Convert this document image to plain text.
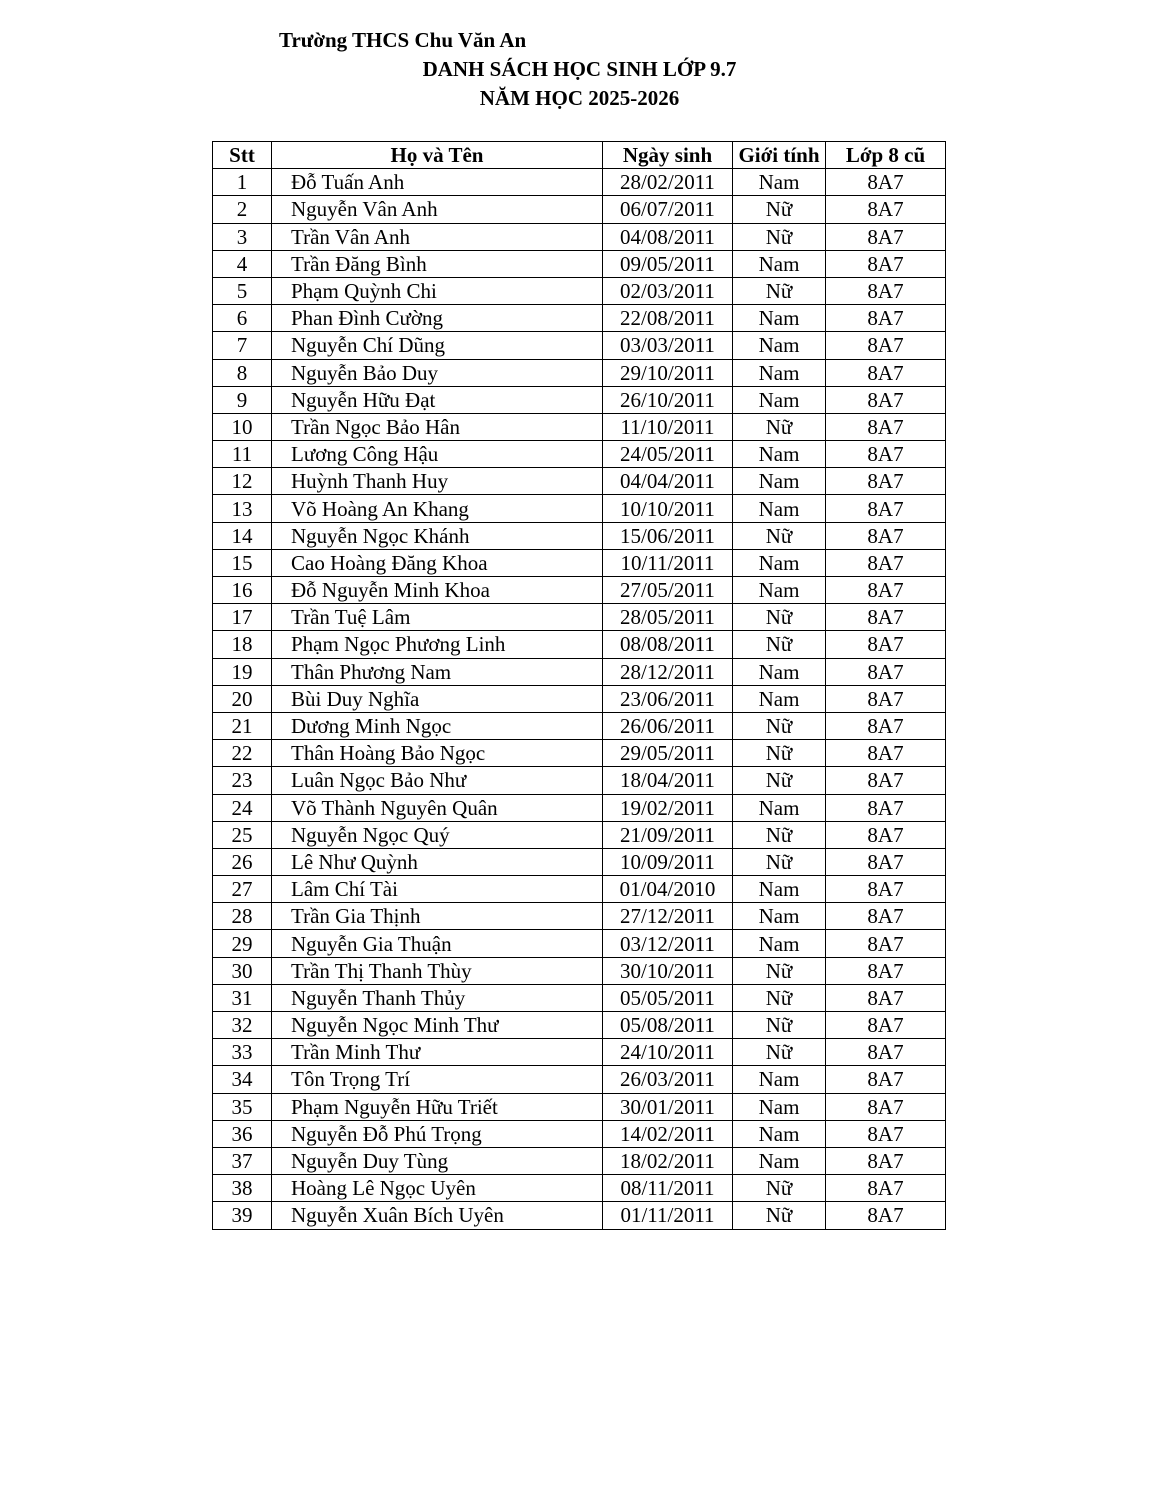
Trường THCS Chu Văn An
DANH SÁCH HỌC SINH LỚP 9.7
NĂM HỌC 2025-2026
Stt	Họ và Tên	Ngày sinh	Giới tính	Lớp 8 cũ
1	Đỗ Tuấn Anh	28/02/2011	Nam	8A7
2	Nguyễn Vân Anh	06/07/2011	Nữ	8A7
3	Trần Vân Anh	04/08/2011	Nữ	8A7
4	Trần Đăng Bình	09/05/2011	Nam	8A7
5	Phạm Quỳnh Chi	02/03/2011	Nữ	8A7
6	Phan Đình Cường	22/08/2011	Nam	8A7
7	Nguyễn Chí Dũng	03/03/2011	Nam	8A7
8	Nguyễn Bảo Duy	29/10/2011	Nam	8A7
9	Nguyễn Hữu Đạt	26/10/2011	Nam	8A7
10	Trần Ngọc Bảo Hân	11/10/2011	Nữ	8A7
11	Lương Công Hậu	24/05/2011	Nam	8A7
12	Huỳnh Thanh Huy	04/04/2011	Nam	8A7
13	Võ Hoàng An Khang	10/10/2011	Nam	8A7
14	Nguyễn Ngọc Khánh	15/06/2011	Nữ	8A7
15	Cao Hoàng Đăng Khoa	10/11/2011	Nam	8A7
16	Đỗ Nguyễn Minh Khoa	27/05/2011	Nam	8A7
17	Trần Tuệ Lâm	28/05/2011	Nữ	8A7
18	Phạm Ngọc Phương Linh	08/08/2011	Nữ	8A7
19	Thân Phương Nam	28/12/2011	Nam	8A7
20	Bùi Duy Nghĩa	23/06/2011	Nam	8A7
21	Dương Minh Ngọc	26/06/2011	Nữ	8A7
22	Thân Hoàng Bảo Ngọc	29/05/2011	Nữ	8A7
23	Luân Ngọc Bảo Như	18/04/2011	Nữ	8A7
24	Võ Thành Nguyên Quân	19/02/2011	Nam	8A7
25	Nguyễn Ngọc Quý	21/09/2011	Nữ	8A7
26	Lê Như Quỳnh	10/09/2011	Nữ	8A7
27	Lâm Chí Tài	01/04/2010	Nam	8A7
28	Trần Gia Thịnh	27/12/2011	Nam	8A7
29	Nguyễn Gia Thuận	03/12/2011	Nam	8A7
30	Trần Thị Thanh Thùy	30/10/2011	Nữ	8A7
31	Nguyễn Thanh Thủy	05/05/2011	Nữ	8A7
32	Nguyễn Ngọc Minh Thư	05/08/2011	Nữ	8A7
33	Trần Minh Thư	24/10/2011	Nữ	8A7
34	Tôn Trọng Trí	26/03/2011	Nam	8A7
35	Phạm Nguyễn Hữu Triết	30/01/2011	Nam	8A7
36	Nguyễn Đỗ Phú Trọng	14/02/2011	Nam	8A7
37	Nguyễn Duy Tùng	18/02/2011	Nam	8A7
38	Hoàng Lê Ngọc Uyên	08/11/2011	Nữ	8A7
39	Nguyễn Xuân Bích Uyên	01/11/2011	Nữ	8A7
